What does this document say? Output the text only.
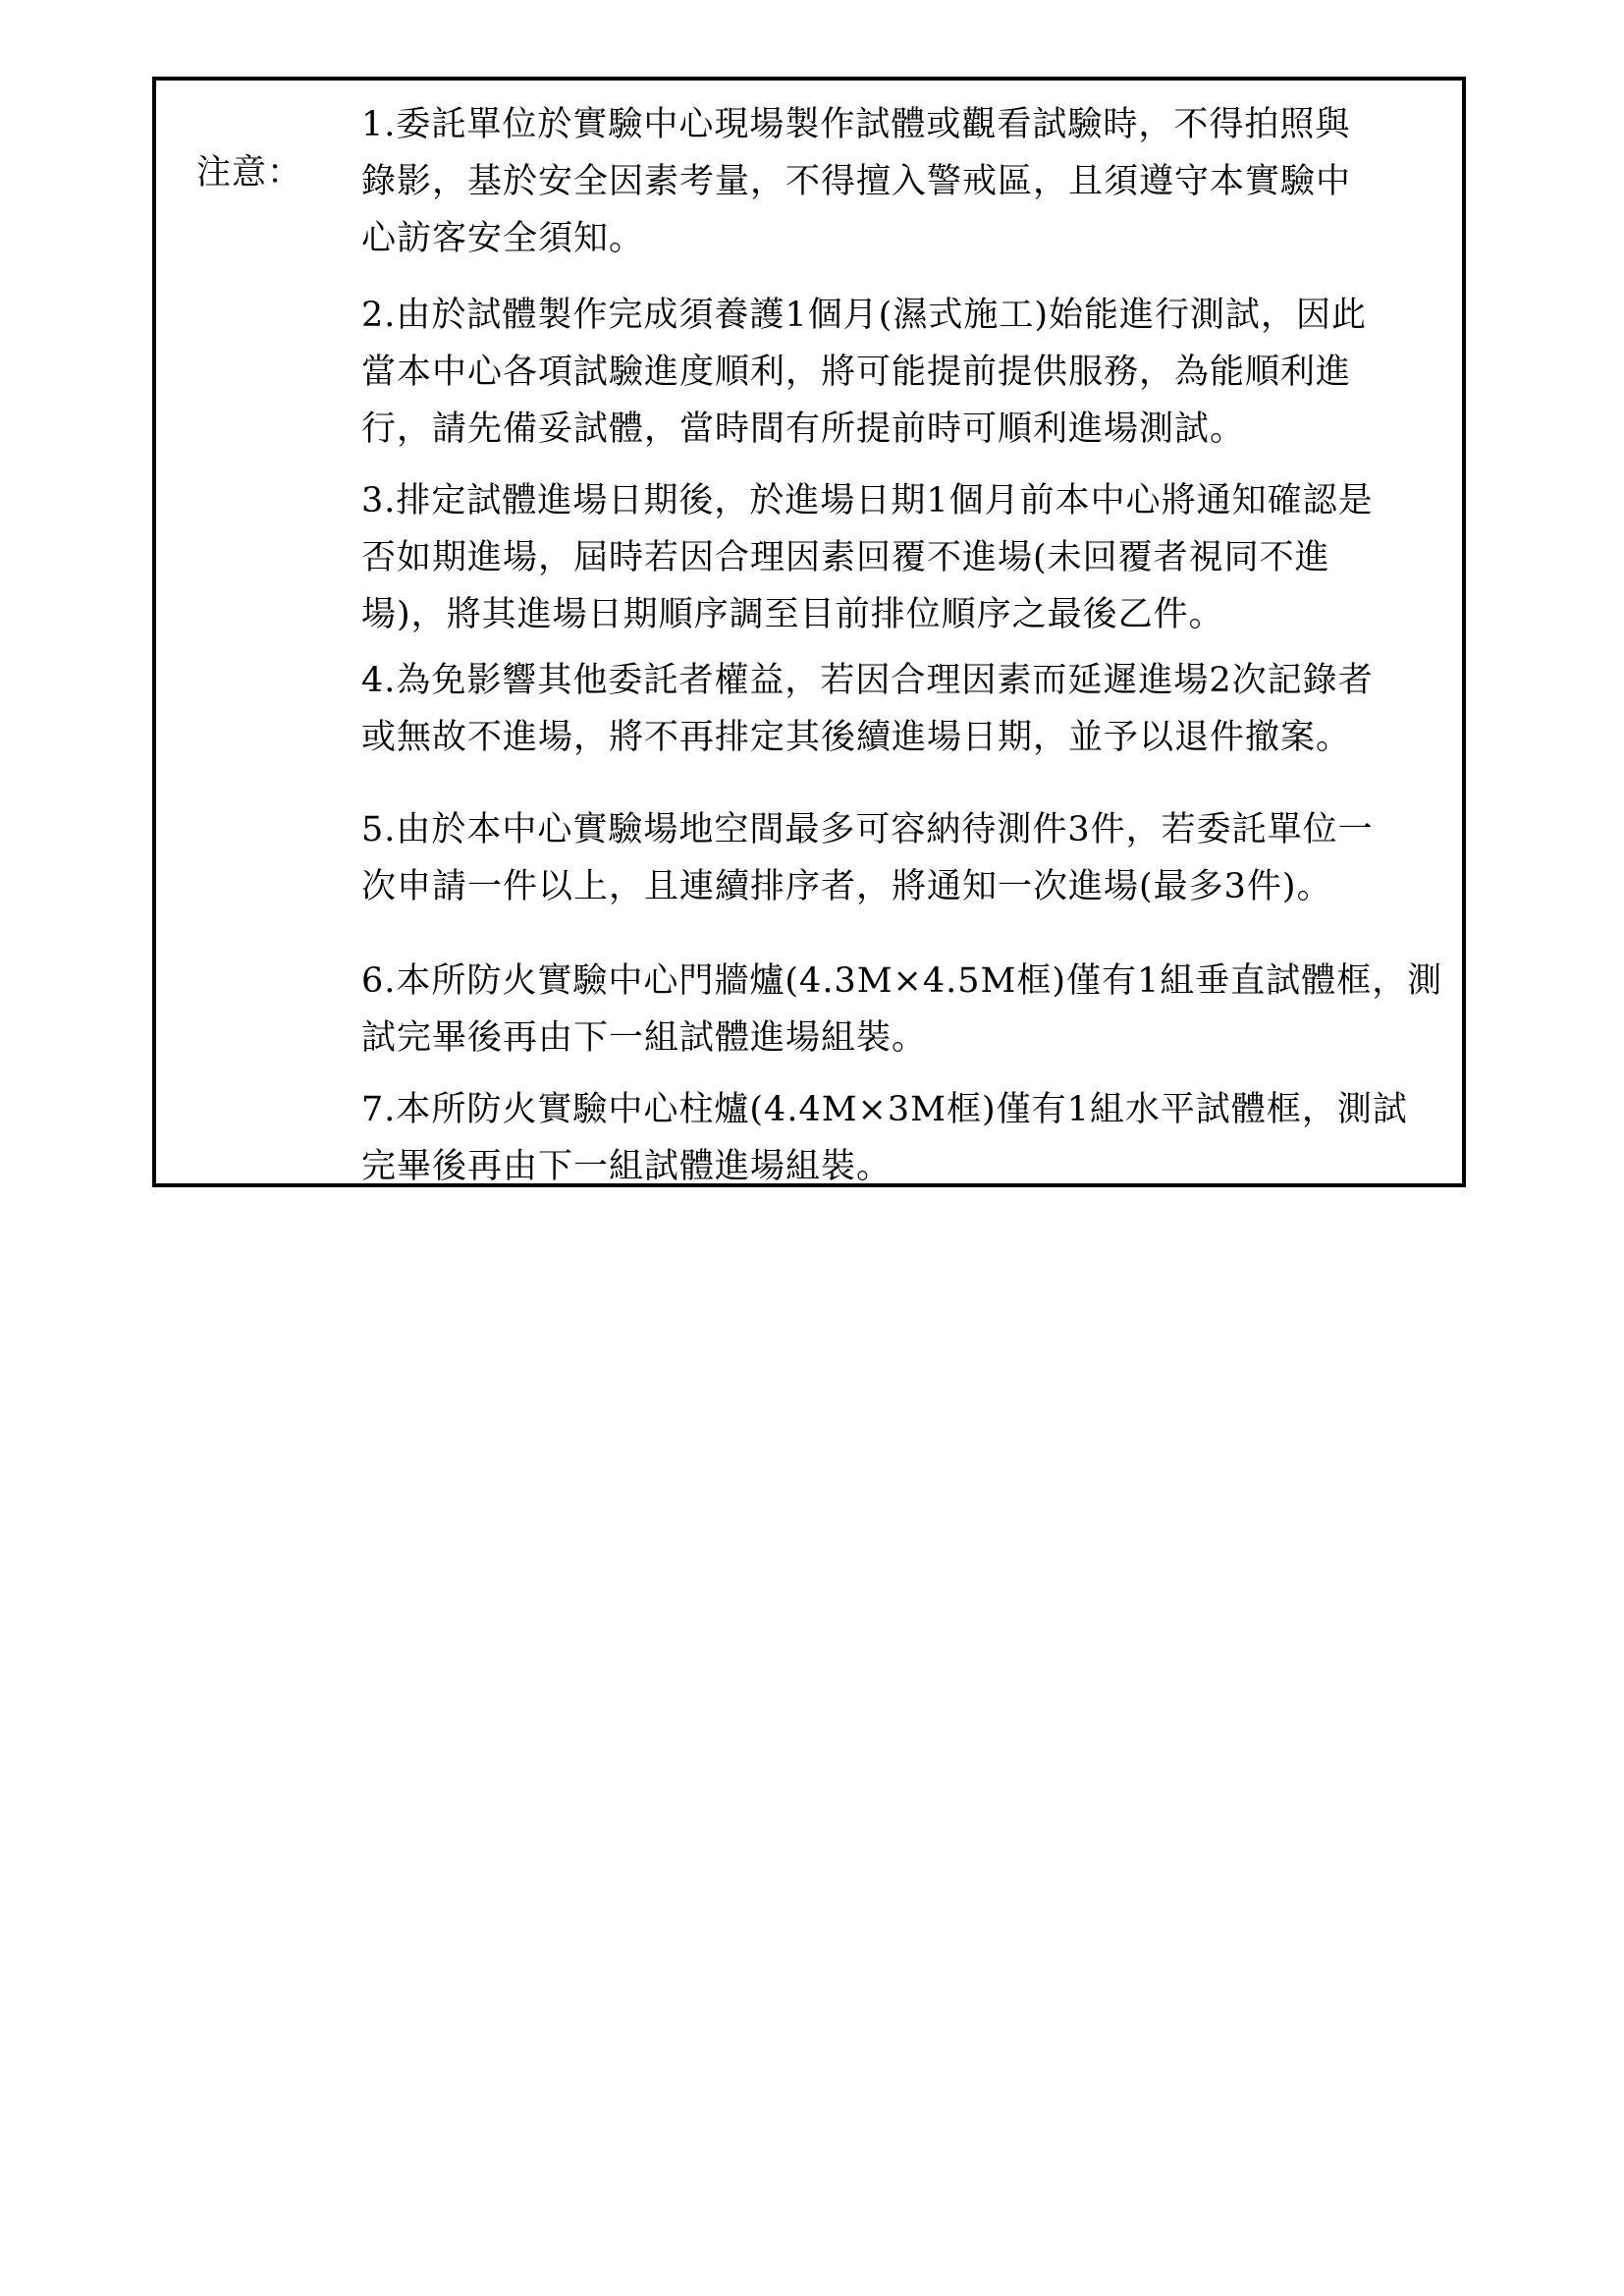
注意：

1.委託單位於實驗中心現場製作試體或觀看試驗時，不得拍照與
錄影，基於安全因素考量，不得擅入警戒區，且須遵守本實驗中
心訪客安全須知。

2.由於試體製作完成須養護1個月(濕式施工)始能進行測試，因此
當本中心各項試驗進度順利，將可能提前提供服務，為能順利進
行，請先備妥試體，當時間有所提前時可順利進場測試。

3.排定試體進場日期後，於進場日期1個月前本中心將通知確認是
否如期進場，屆時若因合理因素回覆不進場(未回覆者視同不進
場)，將其進場日期順序調至目前排位順序之最後乙件。

4.為免影響其他委託者權益，若因合理因素而延遲進場2次記錄者
或無故不進場，將不再排定其後續進場日期，並予以退件撤案。

5.由於本中心實驗場地空間最多可容納待測件3件，若委託單位一
次申請一件以上，且連續排序者，將通知一次進場(最多3件)。

6.本所防火實驗中心門牆爐(4.3M×4.5M框)僅有1組垂直試體框，測
試完畢後再由下一組試體進場組裝。

7.本所防火實驗中心柱爐(4.4M×3M框)僅有1組水平試體框，測試
完畢後再由下一組試體進場組裝。
